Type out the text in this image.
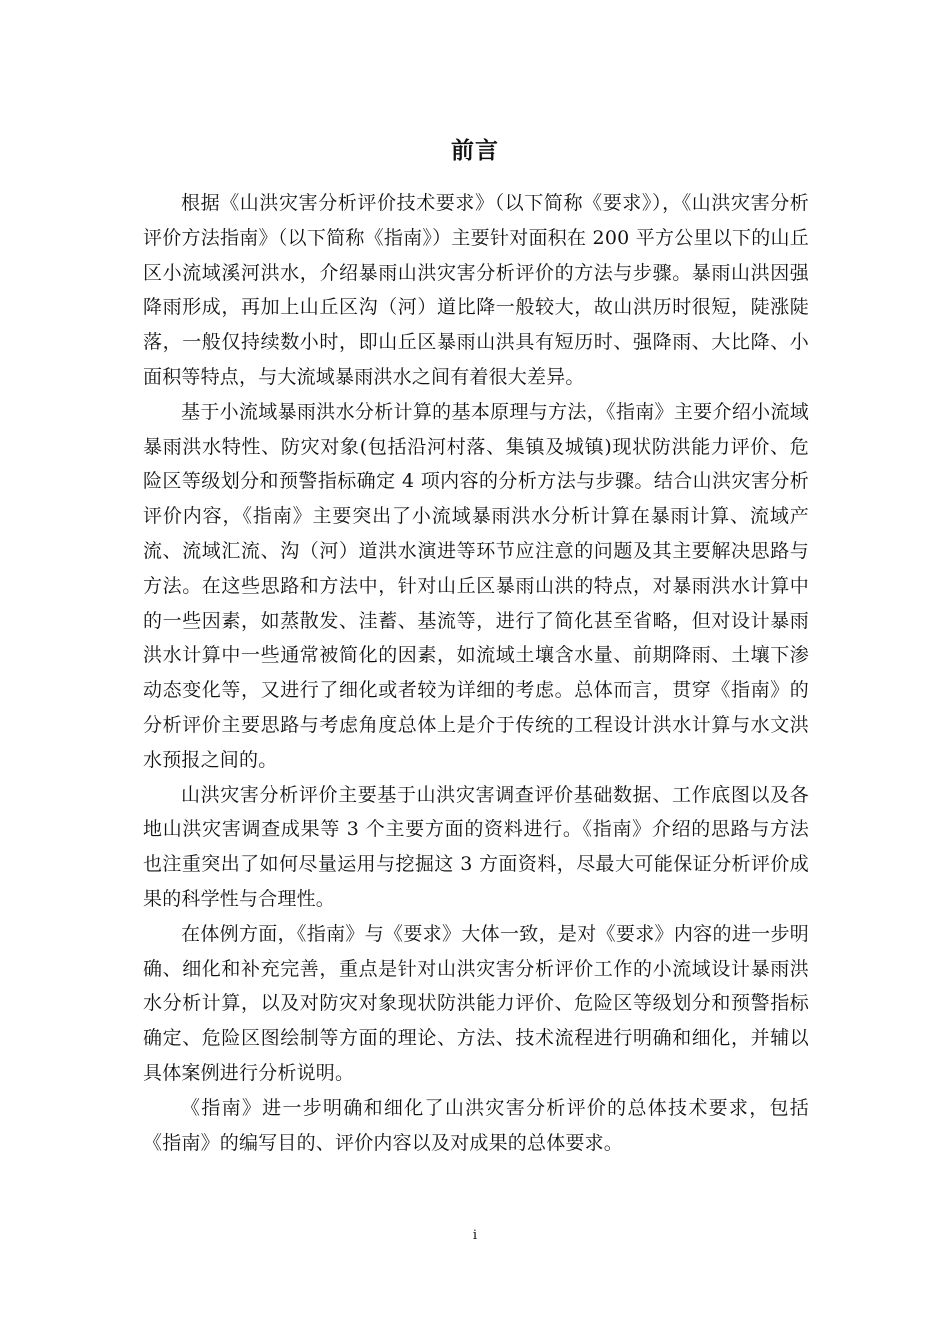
前言

根据《山洪灾害分析评价技术要求》（以下简称《要求》），《山洪灾害分析评价方法指南》（以下简称《指南》）主要针对面积在 200 平方公里以下的山丘区小流域溪河洪水，介绍暴雨山洪灾害分析评价的方法与步骤。暴雨山洪因强降雨形成，再加上山丘区沟（河）道比降一般较大，故山洪历时很短，陡涨陡落，一般仅持续数小时，即山丘区暴雨山洪具有短历时、强降雨、大比降、小面积等特点，与大流域暴雨洪水之间有着很大差异。

基于小流域暴雨洪水分析计算的基本原理与方法，《指南》主要介绍小流域暴雨洪水特性、防灾对象(包括沿河村落、集镇及城镇)现状防洪能力评价、危险区等级划分和预警指标确定 4 项内容的分析方法与步骤。结合山洪灾害分析评价内容，《指南》主要突出了小流域暴雨洪水分析计算在暴雨计算、流域产流、流域汇流、沟（河）道洪水演进等环节应注意的问题及其主要解决思路与方法。在这些思路和方法中，针对山丘区暴雨山洪的特点，对暴雨洪水计算中的一些因素，如蒸散发、洼蓄、基流等，进行了简化甚至省略，但对设计暴雨洪水计算中一些通常被简化的因素，如流域土壤含水量、前期降雨、土壤下渗动态变化等，又进行了细化或者较为详细的考虑。总体而言，贯穿《指南》的分析评价主要思路与考虑角度总体上是介于传统的工程设计洪水计算与水文洪水预报之间的。

山洪灾害分析评价主要基于山洪灾害调查评价基础数据、工作底图以及各地山洪灾害调查成果等 3 个主要方面的资料进行。《指南》介绍的思路与方法也注重突出了如何尽量运用与挖掘这 3 方面资料，尽最大可能保证分析评价成果的科学性与合理性。

在体例方面，《指南》与《要求》大体一致，是对《要求》内容的进一步明确、细化和补充完善，重点是针对山洪灾害分析评价工作的小流域设计暴雨洪水分析计算，以及对防灾对象现状防洪能力评价、危险区等级划分和预警指标确定、危险区图绘制等方面的理论、方法、技术流程进行明确和细化，并辅以具体案例进行分析说明。

《指南》进一步明确和细化了山洪灾害分析评价的总体技术要求，包括《指南》的编写目的、评价内容以及对成果的总体要求。

i
